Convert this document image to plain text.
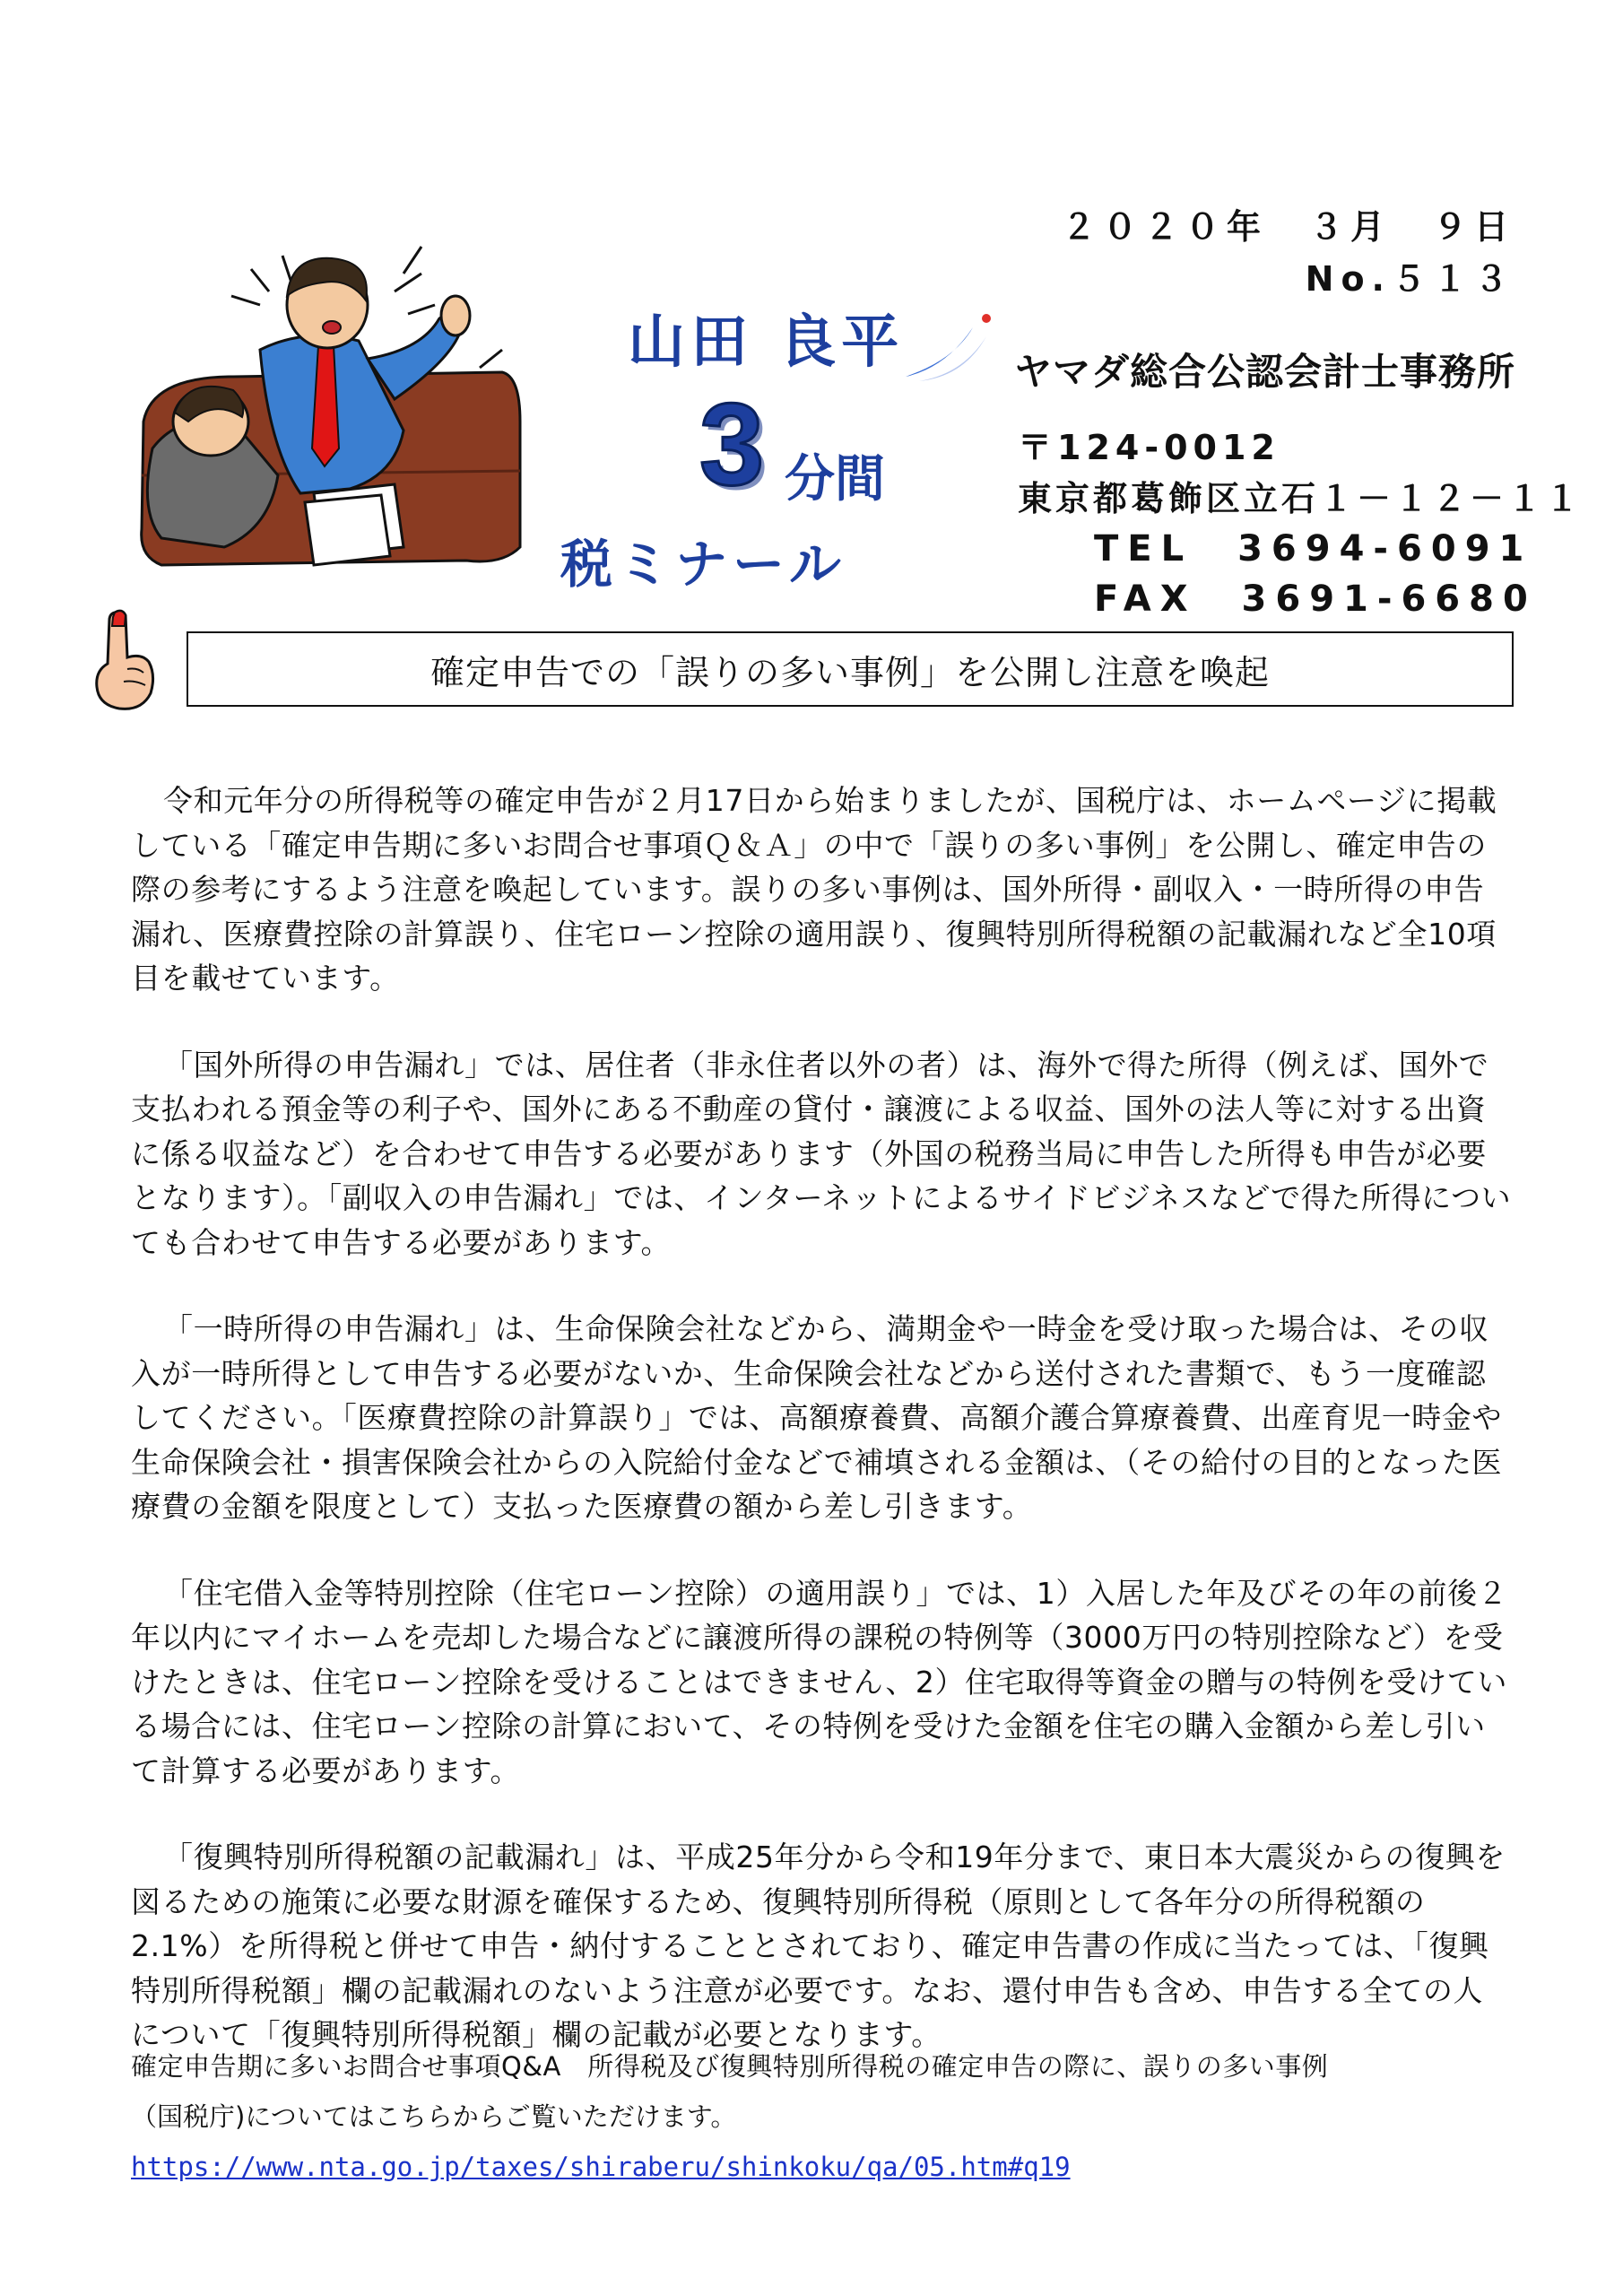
山田 良平
3 分間
税ミナール
２０２０年　３月　９日
No.５１３
ヤマダ総合公認会計士事務所
〒124-0012
東京都葛飾区立石１－１２－１１
TEL　3694-6091
FAX　3691-6680
確定申告での「誤りの多い事例」を公開し注意を喚起

令和元年分の所得税等の確定申告が２月17日から始まりましたが、国税庁は、ホームページに掲載している「確定申告期に多いお問合せ事項Ｑ＆Ａ」の中で「誤りの多い事例」を公開し、確定申告の際の参考にするよう注意を喚起しています。誤りの多い事例は、国外所得・副収入・一時所得の申告漏れ、医療費控除の計算誤り、住宅ローン控除の適用誤り、復興特別所得税額の記載漏れなど全10項目を載せています。

「国外所得の申告漏れ」では、居住者（非永住者以外の者）は、海外で得た所得（例えば、国外で支払われる預金等の利子や、国外にある不動産の貸付・譲渡による収益、国外の法人等に対する出資に係る収益など）を合わせて申告する必要があります（外国の税務当局に申告した所得も申告が必要となります）。「副収入の申告漏れ」では、インターネットによるサイドビジネスなどで得た所得についても合わせて申告する必要があります。

「一時所得の申告漏れ」は、生命保険会社などから、満期金や一時金を受け取った場合は、その収入が一時所得として申告する必要がないか、生命保険会社などから送付された書類で、もう一度確認してください。「医療費控除の計算誤り」では、高額療養費、高額介護合算療養費、出産育児一時金や生命保険会社・損害保険会社からの入院給付金などで補填される金額は、（その給付の目的となった医療費の金額を限度として）支払った医療費の額から差し引きます。

「住宅借入金等特別控除（住宅ローン控除）の適用誤り」では、1）入居した年及びその年の前後２年以内にマイホームを売却した場合などに譲渡所得の課税の特例等（3000万円の特別控除など）を受けたときは、住宅ローン控除を受けることはできません、2）住宅取得等資金の贈与の特例を受けている場合には、住宅ローン控除の計算において、その特例を受けた金額を住宅の購入金額から差し引いて計算する必要があります。

「復興特別所得税額の記載漏れ」は、平成25年分から令和19年分まで、東日本大震災からの復興を図るための施策に必要な財源を確保するため、復興特別所得税（原則として各年分の所得税額の2.1%）を所得税と併せて申告・納付することとされており、確定申告書の作成に当たっては、「復興特別所得税額」欄の記載漏れのないよう注意が必要です。なお、還付申告も含め、申告する全ての人について「復興特別所得税額」欄の記載が必要となります。

確定申告期に多いお問合せ事項Q&A　所得税及び復興特別所得税の確定申告の際に、誤りの多い事例
（国税庁)についてはこちらからご覧いただけます。
https://www.nta.go.jp/taxes/shiraberu/shinkoku/qa/05.htm#q19
